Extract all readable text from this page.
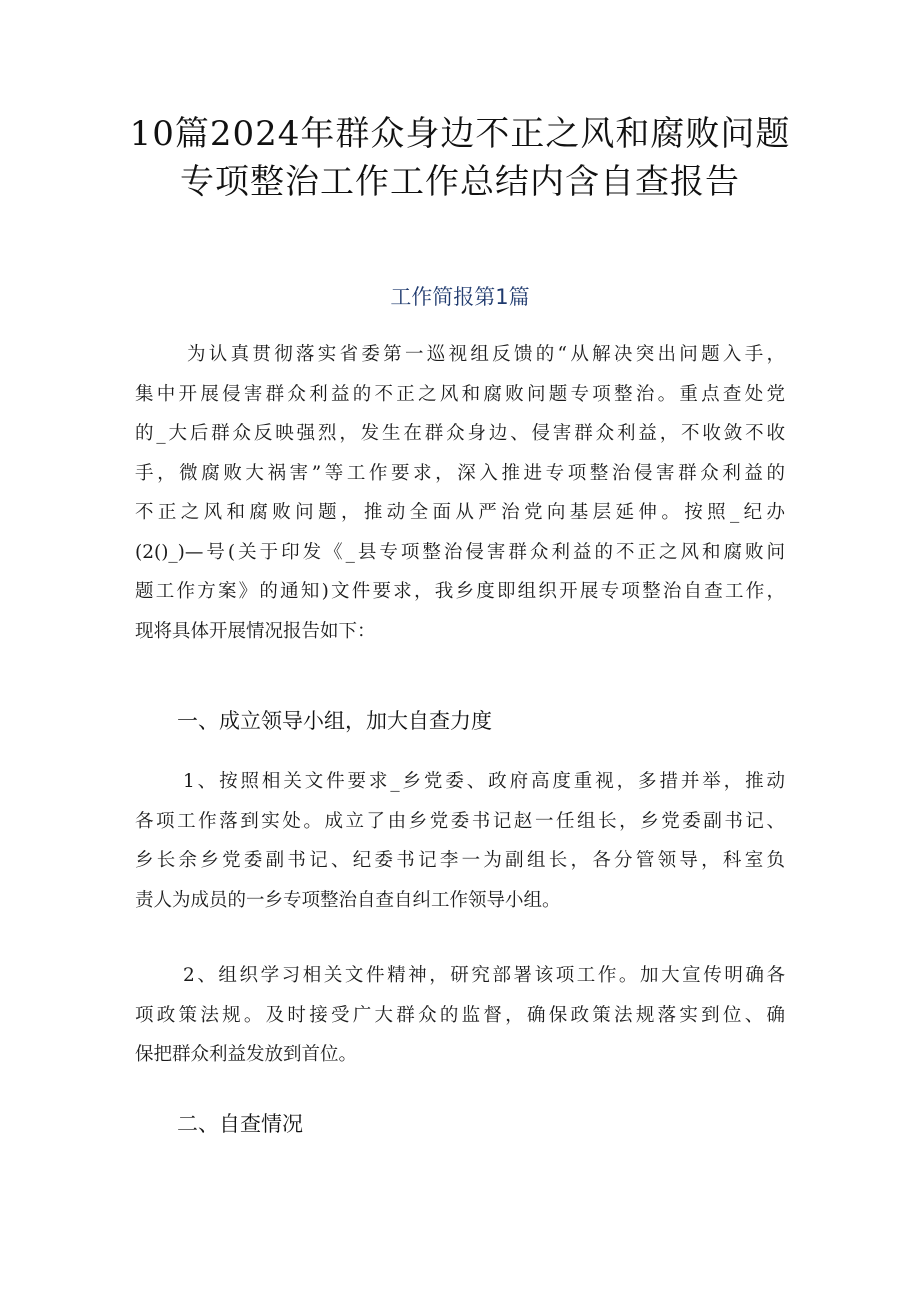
10篇2024年群众身边不正之风和腐败问题
专项整治工作工作总结内含自查报告
工作简报第1篇
为认真贯彻落实省委第一巡视组反馈的“从解决突出问题入手，
集中开展侵害群众利益的不正之风和腐败问题专项整治。重点查处党
的_大后群众反映强烈，发生在群众身边、侵害群众利益，不收敛不收
手，微腐败大祸害”等工作要求，深入推进专项整治侵害群众利益的
不正之风和腐败问题，推动全面从严治党向基层延伸。按照_纪办
(2()_)—号(关于印发《_县专项整治侵害群众利益的不正之风和腐败问
题工作方案》的通知)文件要求，我乡度即组织开展专项整治自查工作，
现将具体开展情况报告如下：
一、成立领导小组，加大自查力度
1、按照相关文件要求_乡党委、政府高度重视，多措并举，推动
各项工作落到实处。成立了由乡党委书记赵一任组长，乡党委副书记、
乡长余乡党委副书记、纪委书记李一为副组长，各分管领导，科室负
责人为成员的一乡专项整治自查自纠工作领导小组。
2、组织学习相关文件精神，研究部署该项工作。加大宣传明确各
项政策法规。及时接受广大群众的监督，确保政策法规落实到位、确
保把群众利益发放到首位。
二、自查情况
